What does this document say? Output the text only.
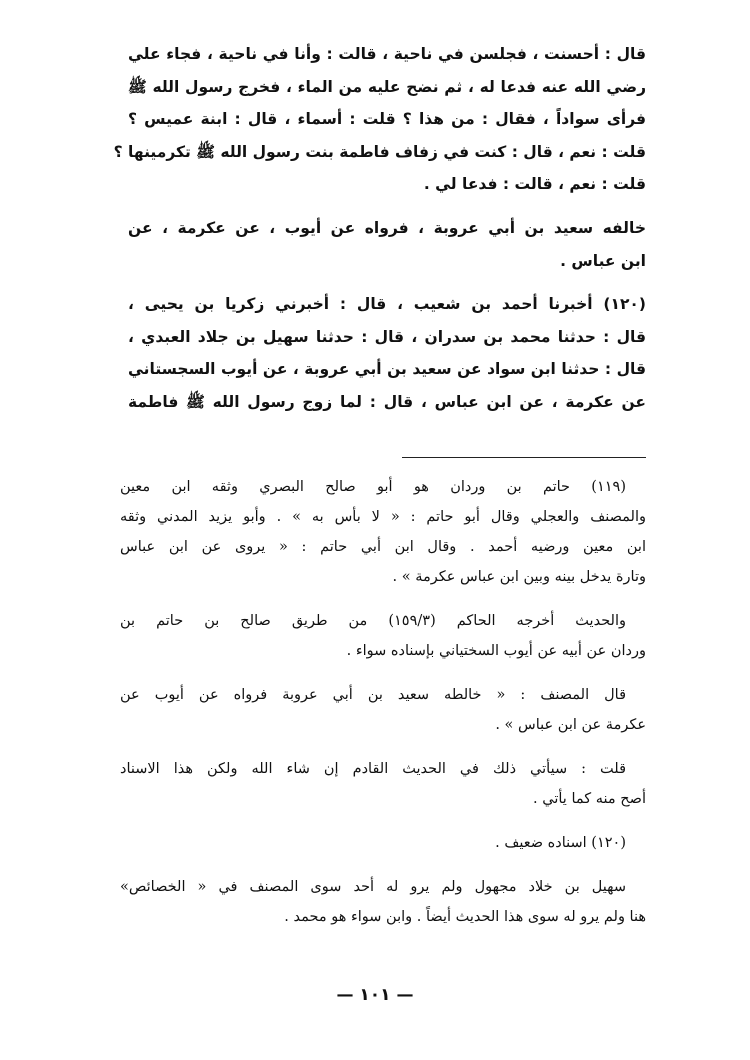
قال : أحسنت ، فجلسن في ناحية ، قالت : وأنا في ناحية ، فجاء علي
رضي الله عنه فدعا له ، ثم نضح عليه من الماء ، فخرج رسول الله ﷺ
فرأى سواداً ، فقال : من هذا ؟ قلت : أسماء ، قال : ابنة عميس ؟
قلت : نعم ، قال : كنت في زفاف فاطمة بنت رسول الله ﷺ تكرمينها ؟
قلت : نعم ، قالت : فدعا لي .
خالفه سعيد بن أبي عروبة ، فرواه عن أيوب ، عن عكرمة ، عن
ابن عباس .
(١٢٠) أخبرنا أحمد بن شعيب ، قال : أخبرني زكريا بن يحيى ،
قال : حدثنا محمد بن سدران ، قال : حدثنا سهيل بن جلاد العبدي ،
قال : حدثنا ابن سواد عن سعيد بن أبي عروبة ، عن أيوب السجستاني
عن عكرمة ، عن ابن عباس ، قال : لما زوج رسول الله ﷺ فاطمة
(١١٩) حاتم بن وردان هو أبو صالح البصري وثقه ابن معين
والمصنف والعجلي وقال أبو حاتم : « لا بأس به » . وأبو يزيد المدني وثقه
ابن معين ورضيه أحمد . وقال ابن أبي حاتم : « يروى عن ابن عباس
وتارة يدخل بينه وبين ابن عباس عكرمة » .
والحديث أخرجه الحاكم (١٥٩/٣) من طريق صالح بن حاتم بن
وردان عن أبيه عن أيوب السختياني بإسناده سواء .
قال المصنف : « خالطه سعيد بن أبي عروبة فرواه عن أيوب عن
عكرمة عن ابن عباس » .
قلت : سيأتي ذلك في الحديث القادم إن شاء الله ولكن هذا الاسناد
أصح منه كما يأتي .
(١٢٠) اسناده ضعيف .
سهيل بن خلاد مجهول ولم يرو له أحد سوى المصنف في « الخصائص»
هنا ولم يرو له سوى هذا الحديث أيضاً . وابن سواء هو محمد .
— ١٠١ —
